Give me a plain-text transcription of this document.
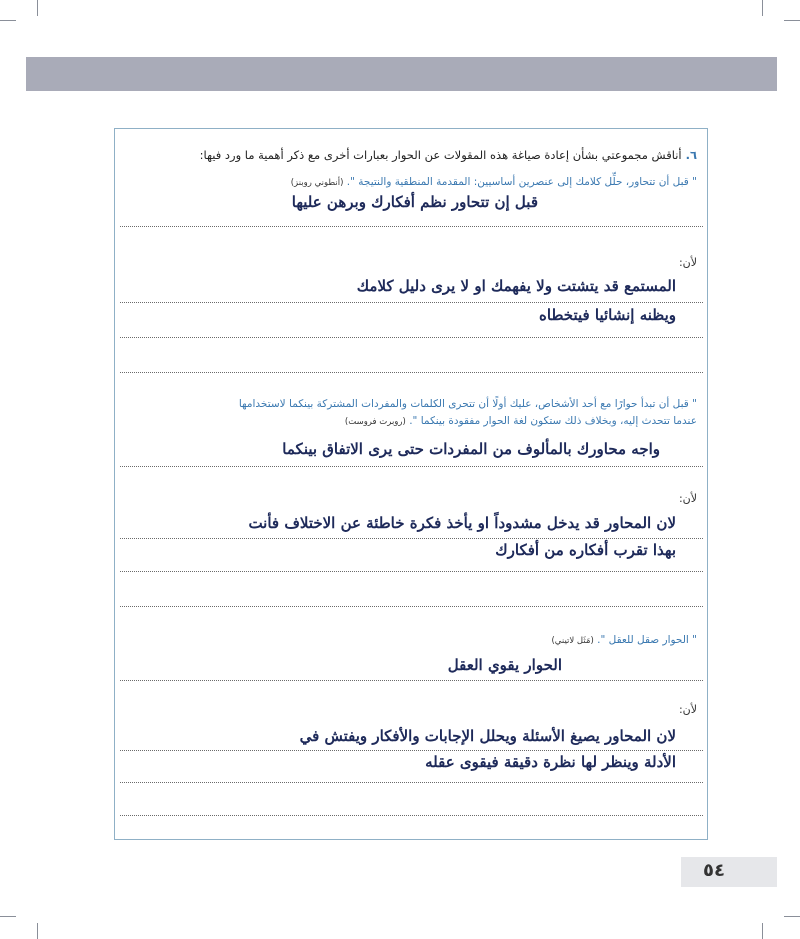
٦.أناقش مجموعتي بشأن إعادة صياغة هذه المقولات عن الحوار بعبارات أخرى مع ذكر أهمية ما ورد فيها:
" قبل أن تتحاور، حلِّل كلامك إلى عنصرين أساسيين: المقدمة المنطقية والنتيجة ". (أنطوني روبنز)
قبل إن تتحاور نظم أفكارك وبرهن عليها
لأن:
المستمع قد يتشتت ولا يفهمك او لا يرى دليل كلامك
ويظنه إنشائيا فيتخطاه
" قبل أن تبدأ حوارًا مع أحد الأشخاص، عليك أولًا أن تتحرى الكلمات والمفردات المشتركة بينكما لاستخدامها
عندما تتحدث إليه، وبخلاف ذلك ستكون لغة الحوار مفقودة بينكما ". (روبرت فروست)
واجه محاورك بالمألوف من المفردات حتى يرى الاتفاق بينكما
لأن:
لان المحاور قد يدخل مشدوداً او يأخذ فكرة خاطئة عن الاختلاف فأنت
بهذا تقرب أفكاره من أفكارك
" الحوار صقل للعقل ". (مَثَل لاتيني)
الحوار يقوي العقل
لأن:
لان المحاور يصيغ الأسئلة ويحلل الإجابات والأفكار ويفتش في
الأدلة وينظر لها نظرة دقيقة فيقوى عقله
٥٤
